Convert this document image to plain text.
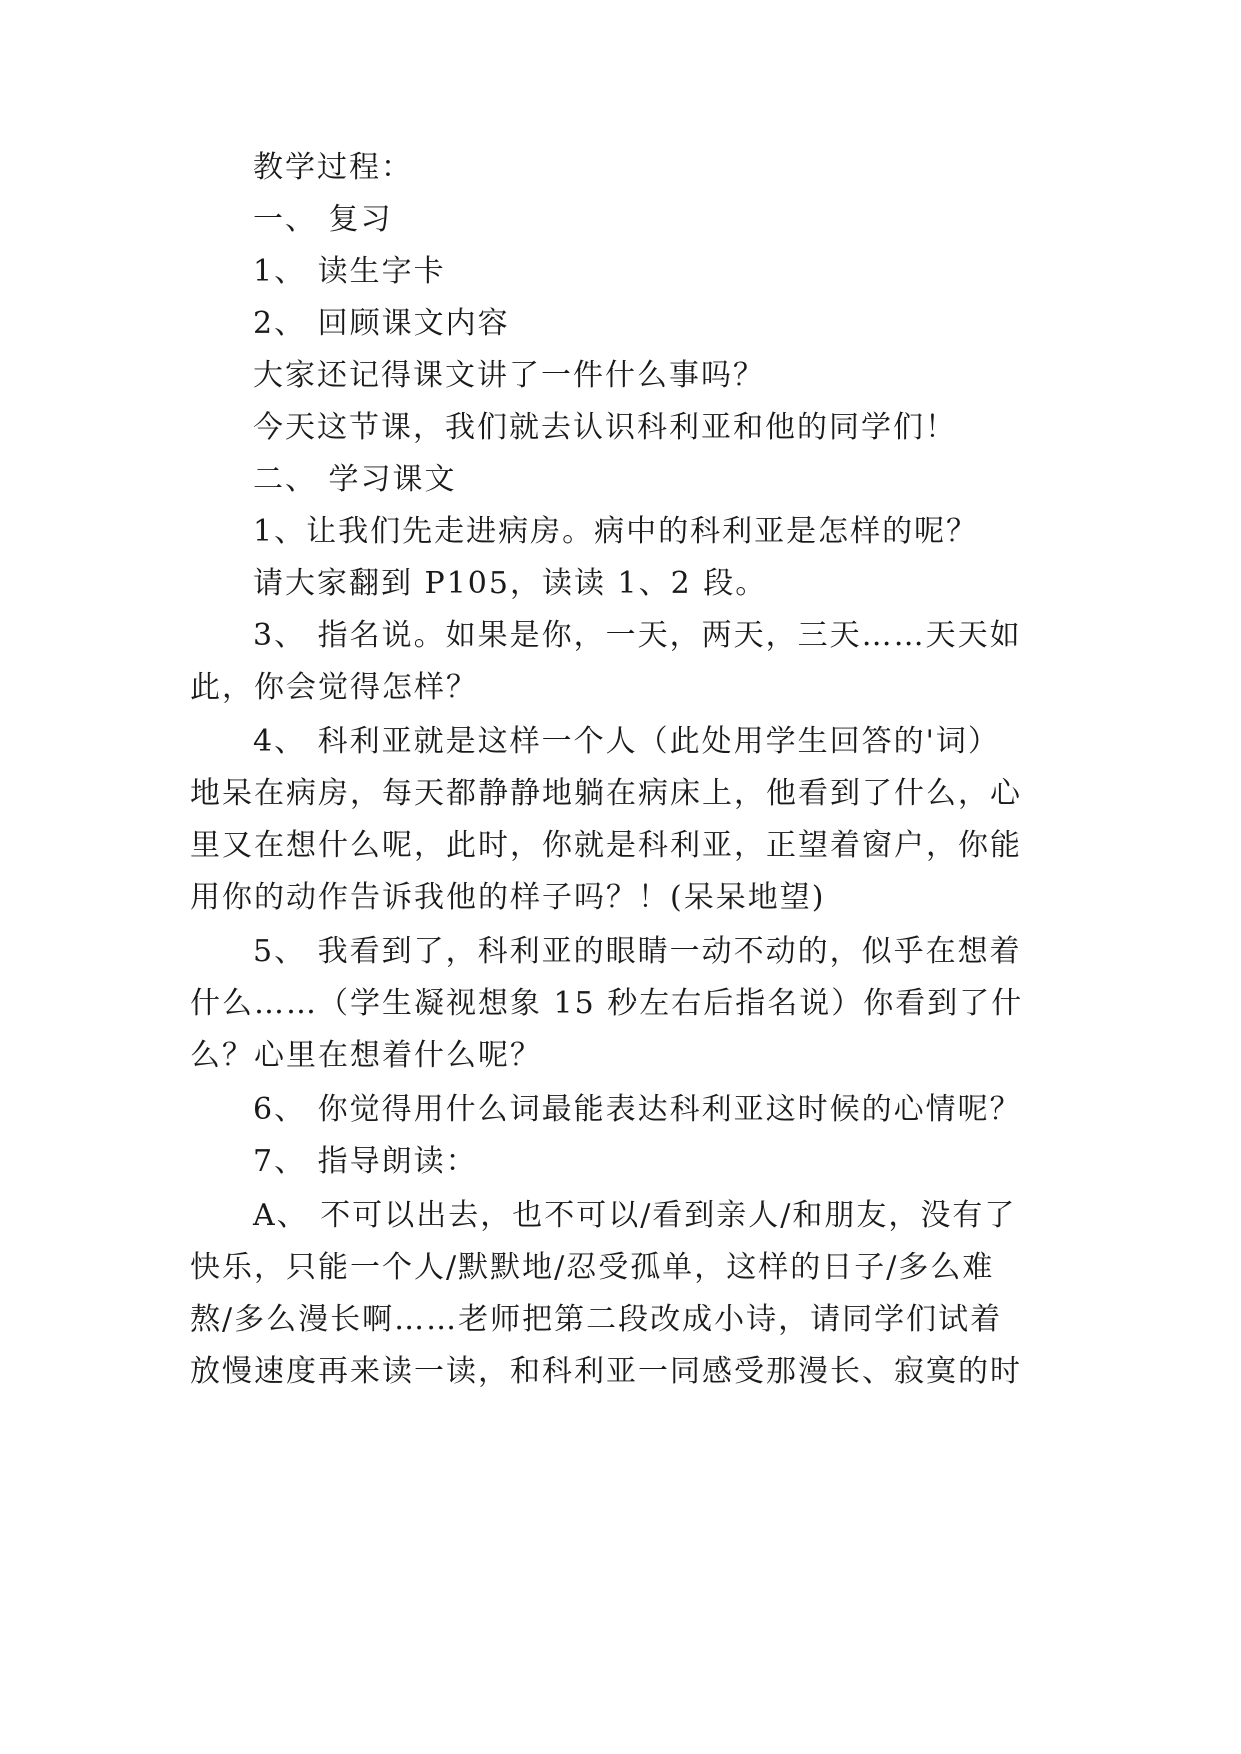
教学过程：
一、 复习
1、 读生字卡
2、 回顾课文内容
大家还记得课文讲了一件什么事吗？
今天这节课，我们就去认识科利亚和他的同学们！
二、 学习课文
1、让我们先走进病房。病中的科利亚是怎样的呢？
请大家翻到 P105，读读 1、2 段。
3、 指名说。如果是你，一天，两天，三天……天天如
此，你会觉得怎样？
4、 科利亚就是这样一个人（此处用学生回答的'词）
地呆在病房，每天都静静地躺在病床上，他看到了什么，心
里又在想什么呢，此时，你就是科利亚，正望着窗户，你能
用你的动作告诉我他的样子吗？！(呆呆地望)
5、 我看到了，科利亚的眼睛一动不动的，似乎在想着
什么……（学生凝视想象 15 秒左右后指名说）你看到了什
么？心里在想着什么呢？
6、 你觉得用什么词最能表达科利亚这时候的心情呢？
7、 指导朗读：
A、 不可以出去，也不可以/看到亲人/和朋友，没有了
快乐，只能一个人/默默地/忍受孤单，这样的日子/多么难
熬/多么漫长啊……老师把第二段改成小诗，请同学们试着
放慢速度再来读一读，和科利亚一同感受那漫长、寂寞的时
